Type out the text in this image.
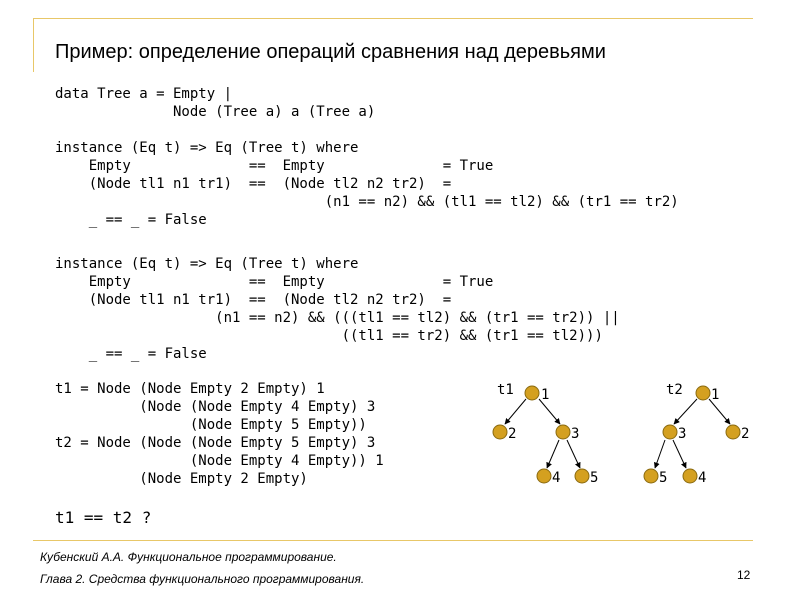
Пример: определение операций сравнения над деревьями
data Tree a = Empty |
Node (Tree a) a (Tree a)
instance (Eq t) => Eq (Tree t) where
Empty              ==  Empty              = True
(Node tl1 n1 tr1)  ==  (Node tl2 n2 tr2)  =
(n1 == n2) && (tl1 == tl2) && (tr1 == tr2)
_ == _ = False
instance (Eq t) => Eq (Tree t) where
Empty              ==  Empty              = True
(Node tl1 n1 tr1)  ==  (Node tl2 n2 tr2)  =
(n1 == n2) && (((tl1 == tl2) && (tr1 == tr2)) ||
((tl1 == tr2) && (tr1 == tl2)))
_ == _ = False
t1 = Node (Node Empty 2 Empty) 1
(Node (Node Empty 4 Empty) 3
(Node Empty 5 Empty))
t2 = Node (Node (Node Empty 5 Empty) 3
(Node Empty 4 Empty)) 1
(Node Empty 2 Empty)
t1 == t2 ?
t1 1
2	3
4 5
t2 1
3	2
5 4
Кубенский А.А. Функциональное программирование.
Глава 2. Средства функционального программирования.	12
